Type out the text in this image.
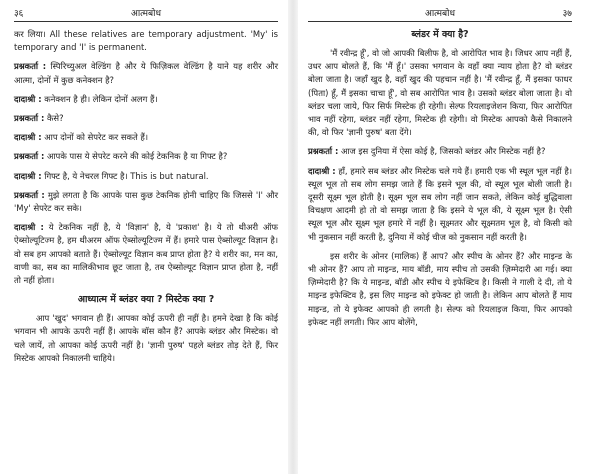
३६	आत्मबोध

कर लिया। All these relatives are temporary adjustment. 'My' is temporary and 'I' is permanent.

प्रश्नकर्ता : स्पिरिच्युअल वेल्डिंग है और ये फिज़िकल वेल्डिंग है याने यह शरीर और आत्मा, दोनों में कुछ कनेक्शन है?

दादाश्री : कनेक्शन है ही। लेकिन दोनों अलग हैं।

प्रश्नकर्ता : कैसे?

दादाश्री : आप दोनों को सेपरेट कर सकते हैं।

प्रश्नकर्ता : आपके पास ये सेपरेट करने की कोई टेकनिक है या गिफ्ट है?

दादाश्री : गिफ्ट है, ये नेचरल गिफ्ट है। This is but natural.

प्रश्नकर्ता : मुझे लगता है कि आपके पास कुछ टेकनिक होनी चाहिए कि जिससे 'I' और 'My' सेपरेट कर सके।

दादाश्री : ये टेकनिक नहीं है, ये 'विज्ञान' है, ये 'प्रकाश' है। ये तो थीअरी ऑफ ऐब्सोल्यूटिज्म है, हम थीअरम ऑफ ऐब्सोल्यूटिज्म में हैं। हमारे पास ऐब्सोल्यूट विज्ञान है। वो सब हम आपको बताते हैं। ऐब्सोल्यूट विज्ञान कब प्राप्त होता है? ये शरीर का, मन का, वाणी का, सब का मालिकीभाव छूट जाता है, तब ऐब्सोल्यूट विज्ञान प्राप्त होता है, नहीं तो नहीं होता।

आध्यात्म में ब्लंडर क्या ? मिस्टेक क्या ?

आप 'खुद' भगवान ही हैं। आपका कोई ऊपरी ही नहीं है। हमने देखा है कि कोई भगवान भी आपके ऊपरी नहीं हैं। आपके बॉस कौन हैं? आपके ब्लंडर और मिस्टेक। वो चले जायें, तो आपका कोई ऊपरी नहीं है। 'ज्ञानी पुरुष' पहले ब्लंडर तोड़ देते हैं, फिर मिस्टेक आपको निकालनी चाहिये।

आत्मबोध	३७

ब्लंडर में क्या है?

'मैं रवीन्द्र हूँ', वो जो आपकी बिलीफ है, वो आरोपित भाव है। जिधर आप नहीं हैं, उधर आप बोलते हैं, कि 'मैं हूँ।' उसका भगवान के वहाँ क्या न्याय होता है? वो ब्लंडर बोला जाता है। जहाँ खुद है, वहाँ खुद की पहचान नहीं है। 'मैं रवीन्द्र हूँ, मैं इसका फाधर (पिता) हूँ, मैं इसका चाचा हूँ', वो सब आरोपित भाव है। उसको ब्लंडर बोला जाता है। वो ब्लंडर चला जाये, फिर सिर्फ मिस्टेक ही रहेगी। सेल्फ रियलाइजेशन किया, फिर आरोपित भाव नहीं रहेगा, ब्लंडर नहीं रहेगा, मिस्टेक ही रहेगी। वो मिस्टेक आपको कैसे निकालने की, वो फिर 'ज्ञानी पुरुष' बता देंगे।

प्रश्नकर्ता : आज इस दुनिया में ऐसा कोई है, जिसको ब्लंडर और मिस्टेक नहीं है?

दादाश्री : हाँ, हमारे सब ब्लंडर और मिस्टेक चले गये हैं। हमारी एक भी स्थूल भूल नहीं है। स्थूल भूल तो सब लोग समझ जाते हैं कि इसने भूल की, वो स्थूल भूल बोली जाती है। दूसरी सूक्ष्म भूल होती है। सूक्ष्म भूल सब लोग नहीं जान सकते, लेकिन कोई बुद्धिवाला विचक्षण आदमी हो तो वो समझ जाता है कि इसने ये भूल की, ये सूक्ष्म भूल है। ऐसी स्थूल भूल और सूक्ष्म भूल हमारे में नहीं है। सूक्ष्मतर और सूक्ष्मतम भूल है, वो किसी को भी नुकसान नहीं करती है, दुनिया में कोई चीज को नुकसान नहीं करती है।

इस शरीर के ओनर (मालिक) हैं आप? और स्पीच के ओनर हैं? और माइन्ड के भी ओनर हैं? आप तो माइन्ड, माय बॉडी, माय स्पीच तो उसकी ज़िम्मेदारी आ गई। क्या ज़िम्मेदारी है? कि ये माइन्ड, बॉडी और स्पीच ये इफेक्टिव है। किसी ने गाली दे दी, तो ये माइन्ड इफेक्टिव है, इस लिए माइन्ड को इफेक्ट हो जाती है। लेकिन आप बोलते हैं माय माइन्ड, तो ये इफेक्ट आपको ही लगती है। सेल्फ को रियलाइज किया, फिर आपको इफेक्ट नहीं लगती। फिर आप बोलेंगे,
